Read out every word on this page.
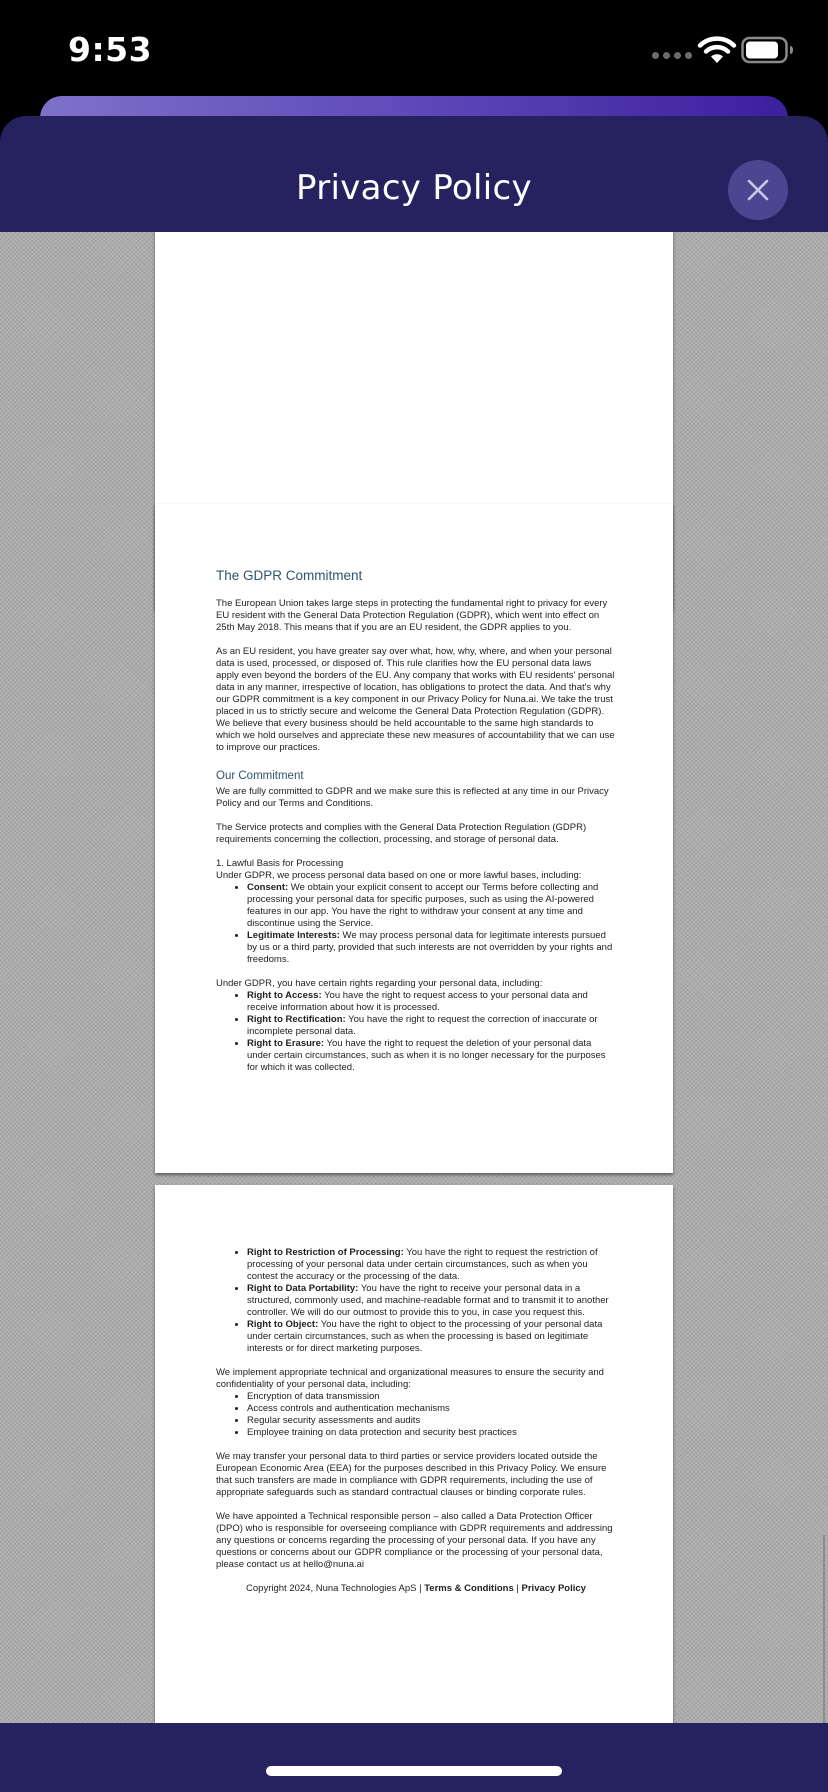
9:53
Privacy Policy
The GDPR Commitment

The European Union takes large steps in protecting the fundamental right to privacy for every EU resident with the General Data Protection Regulation (GDPR), which went into effect on 25th May 2018. This means that if you are an EU resident, the GDPR applies to you.

As an EU resident, you have greater say over what, how, why, where, and when your personal data is used, processed, or disposed of. This rule clarifies how the EU personal data laws apply even beyond the borders of the EU. Any company that works with EU residents' personal data in any manner, irrespective of location, has obligations to protect the data. And that's why our GDPR commitment is a key component in our Privacy Policy for Nuna.ai. We take the trust placed in us to strictly secure and welcome the General Data Protection Regulation (GDPR). We believe that every business should be held accountable to the same high standards to which we hold ourselves and appreciate these new measures of accountability that we can use to improve our practices.

Our Commitment

We are fully committed to GDPR and we make sure this is reflected at any time in our Privacy Policy and our Terms and Conditions.

The Service protects and complies with the General Data Protection Regulation (GDPR) requirements concerning the collection, processing, and storage of personal data.

1. Lawful Basis for Processing

Under GDPR, we process personal data based on one or more lawful bases, including:

• Consent: We obtain your explicit consent to accept our Terms before collecting and processing your personal data for specific purposes, such as using the AI-powered features in our app. You have the right to withdraw your consent at any time and discontinue using the Service.
• Legitimate Interests: We may process personal data for legitimate interests pursued by us or a third party, provided that such interests are not overridden by your rights and freedoms.

Under GDPR, you have certain rights regarding your personal data, including:

• Right to Access: You have the right to request access to your personal data and receive information about how it is processed.
• Right to Rectification: You have the right to request the correction of inaccurate or incomplete personal data.
• Right to Erasure: You have the right to request the deletion of your personal data under certain circumstances, such as when it is no longer necessary for the purposes for which it was collected.
• Right to Restriction of Processing: You have the right to request the restriction of processing of your personal data under certain circumstances, such as when you contest the accuracy or the processing of the data.
• Right to Data Portability: You have the right to receive your personal data in a structured, commonly used, and machine-readable format and to transmit it to another controller. We will do our outmost to provide this to you, in case you request this.
• Right to Object: You have the right to object to the processing of your personal data under certain circumstances, such as when the processing is based on legitimate interests or for direct marketing purposes.

We implement appropriate technical and organizational measures to ensure the security and confidentiality of your personal data, including:

• Encryption of data transmission
• Access controls and authentication mechanisms
• Regular security assessments and audits
• Employee training on data protection and security best practices

We may transfer your personal data to third parties or service providers located outside the European Economic Area (EEA) for the purposes described in this Privacy Policy. We ensure that such transfers are made in compliance with GDPR requirements, including the use of appropriate safeguards such as standard contractual clauses or binding corporate rules.

We have appointed a Technical responsible person – also called a Data Protection Officer (DPO) who is responsible for overseeing compliance with GDPR requirements and addressing any questions or concerns regarding the processing of your personal data. If you have any questions or concerns about our GDPR compliance or the processing of your personal data, please contact us at hello@nuna.ai

Copyright 2024, Nuna Technologies ApS | Terms & Conditions | Privacy Policy
